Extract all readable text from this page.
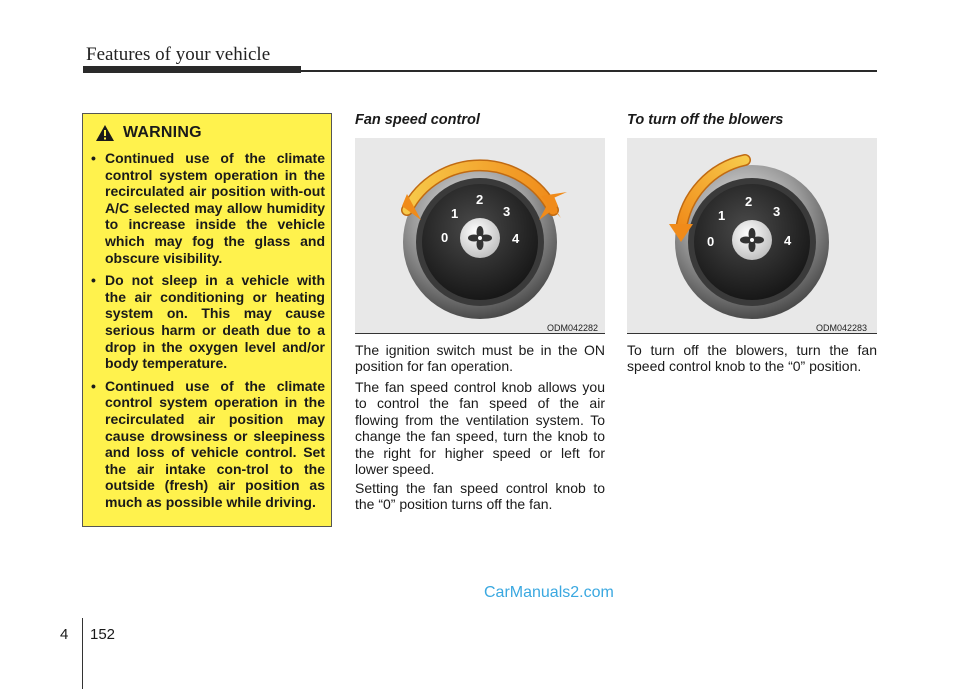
Features of your vehicle
WARNING
• Continued use of the climate control system operation in the recirculated air position with-out A/C selected may allow humidity to increase inside the vehicle which may fog the glass and obscure visibility.
• Do not sleep in a vehicle with the air conditioning or heating system on. This may cause serious harm or death due to a drop in the oxygen level and/or body temperature.
• Continued use of the climate control system operation in the recirculated air position may cause drowsiness or sleepiness and loss of vehicle control. Set the air intake con-trol to the outside (fresh) air position as much as possible while driving.
Fan speed control
0
1
2
3
4
ODM042282

The ignition switch must be in the ON position for fan operation.

The fan speed control knob allows you to control the fan speed of the air flowing from the ventilation system. To change the fan speed, turn the knob to the right for higher speed or left for lower speed.

Setting the fan speed control knob to the “0” position turns off the fan.

To turn off the blowers
0
1
2
3
4
ODM042283

To turn off the blowers, turn the fan speed control knob to the “0” position.

CarManuals2.com
4 152
